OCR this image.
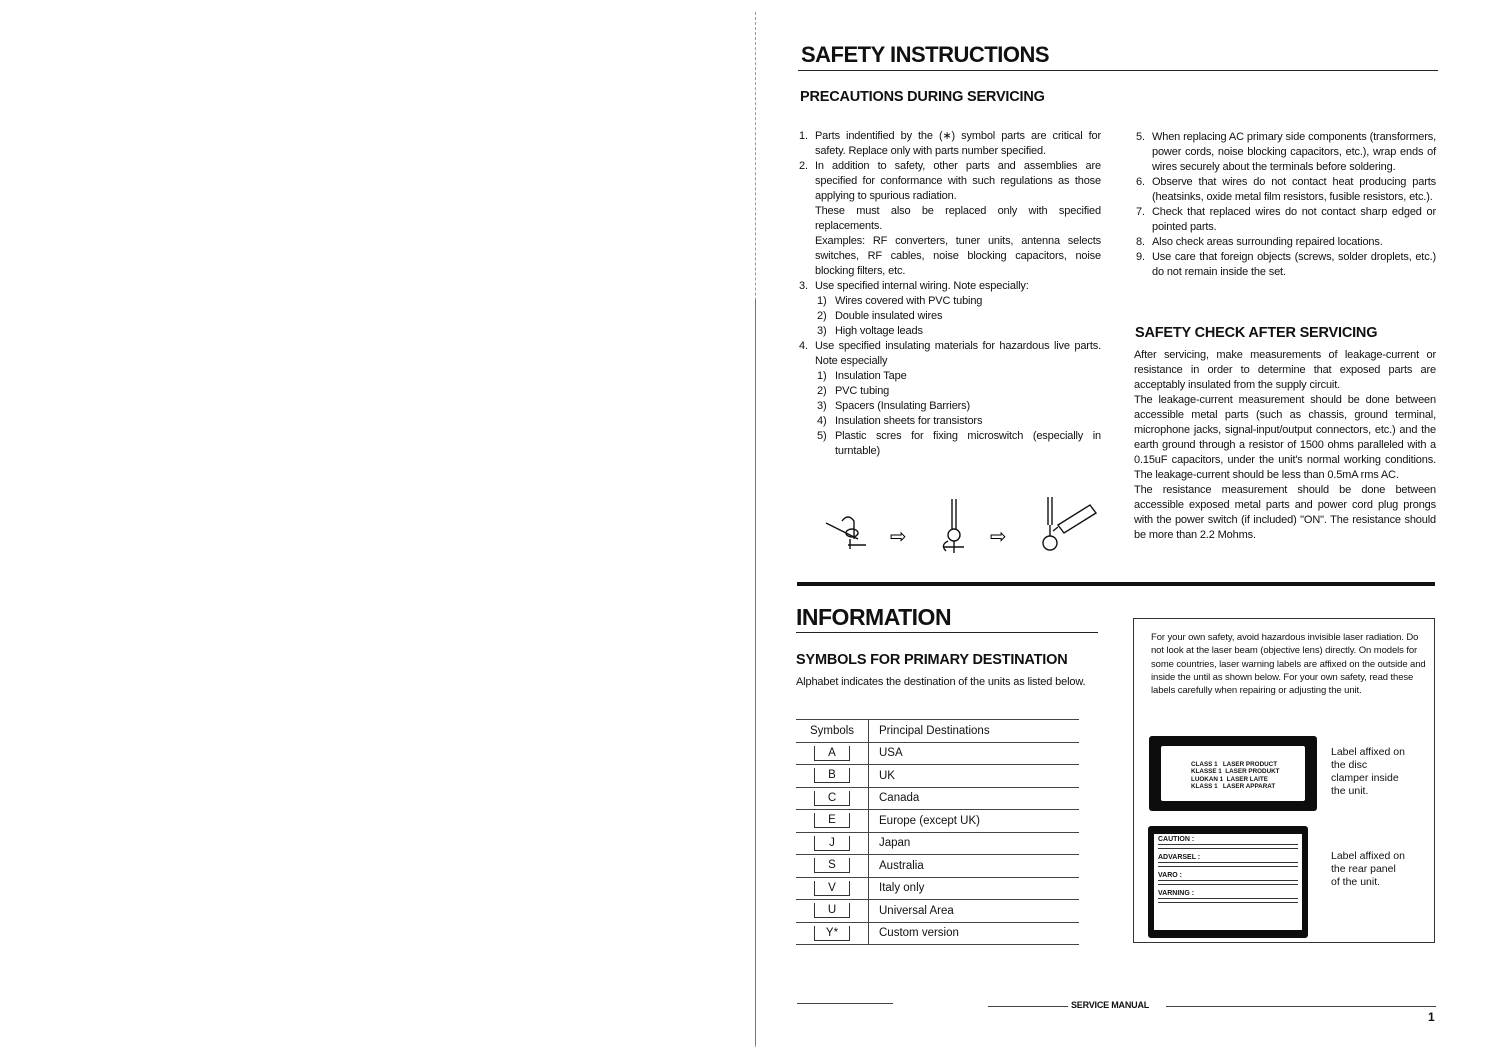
SAFETY INSTRUCTIONS
PRECAUTIONS DURING SERVICING
1. Parts indentified by the (∗) symbol parts are critical for safety. Replace only with parts number specified.
2. In addition to safety, other parts and assemblies are specified for conformance with such regulations as those applying to spurious radiation.
These must also be replaced only with specified replacements.
Examples: RF converters, tuner units, antenna selects switches, RF cables, noise blocking capacitors, noise blocking filters, etc.
3. Use specified internal wiring. Note especially:
1) Wires covered with PVC tubing
2) Double insulated wires
3) High voltage leads
4. Use specified insulating materials for hazardous live parts. Note especially
1) Insulation Tape
2) PVC tubing
3) Spacers (Insulating Barriers)
4) Insulation sheets for transistors
5) Plastic scres for fixing microswitch (especially in turntable)
5. When replacing AC primary side components (transformers, power cords, noise blocking capacitors, etc.), wrap ends of wires securely about the terminals before soldering.
6. Observe that wires do not contact heat producing parts (heatsinks, oxide metal film resistors, fusible resistors, etc.).
7. Check that replaced wires do not contact sharp edged or pointed parts.
8. Also check areas surrounding repaired locations.
9. Use care that foreign objects (screws, solder droplets, etc.) do not remain inside the set.
⇨	⇨
SAFETY CHECK AFTER SERVICING

After servicing, make measurements of leakage-current or resistance in order to determine that exposed parts are acceptably insulated from the supply circuit.

The leakage-current measurement should be done between accessible metal parts (such as chassis, ground terminal, microphone jacks, signal-input/output connectors, etc.) and the earth ground through a resistor of 1500 ohms paralleled with a 0.15uF capacitors, under the unit's normal working conditions. The leakage-current should be less than 0.5mA rms AC.

The resistance measurement should be done between accessible exposed metal parts and power cord plug prongs with the power switch (if included) "ON". The resistance should be more than 2.2 Mohms.

INFORMATION
SYMBOLS FOR PRIMARY DESTINATION

Alphabet indicates the destination of the units as listed below.

Symbols	Principal Destinations
A	USA
B	UK
C	Canada
E	Europe (except UK)
J	Japan
S	Australia
V	Italy only
U	Universal Area
Y*	Custom version
For your own safety, avoid hazardous invisible laser radiation. Do not look at the laser beam (objective lens) directly. On models for some countries, laser warning labels are affixed on the outside and inside the until as shown below. For your own safety, read these labels carefully when repairing or adjusting the unit.
CLASS 1   LASER PRODUCT
KLASSE 1  LASER PRODUKT
LUOKAN 1  LASER LAITE
KLASS 1   LASER APPARAT
Label affixed on the disc clamper inside the unit.
CAUTION :
ADVARSEL :
VARO :
VARNING :
Label affixed on the rear panel of the unit.
SERVICE MANUAL
1
